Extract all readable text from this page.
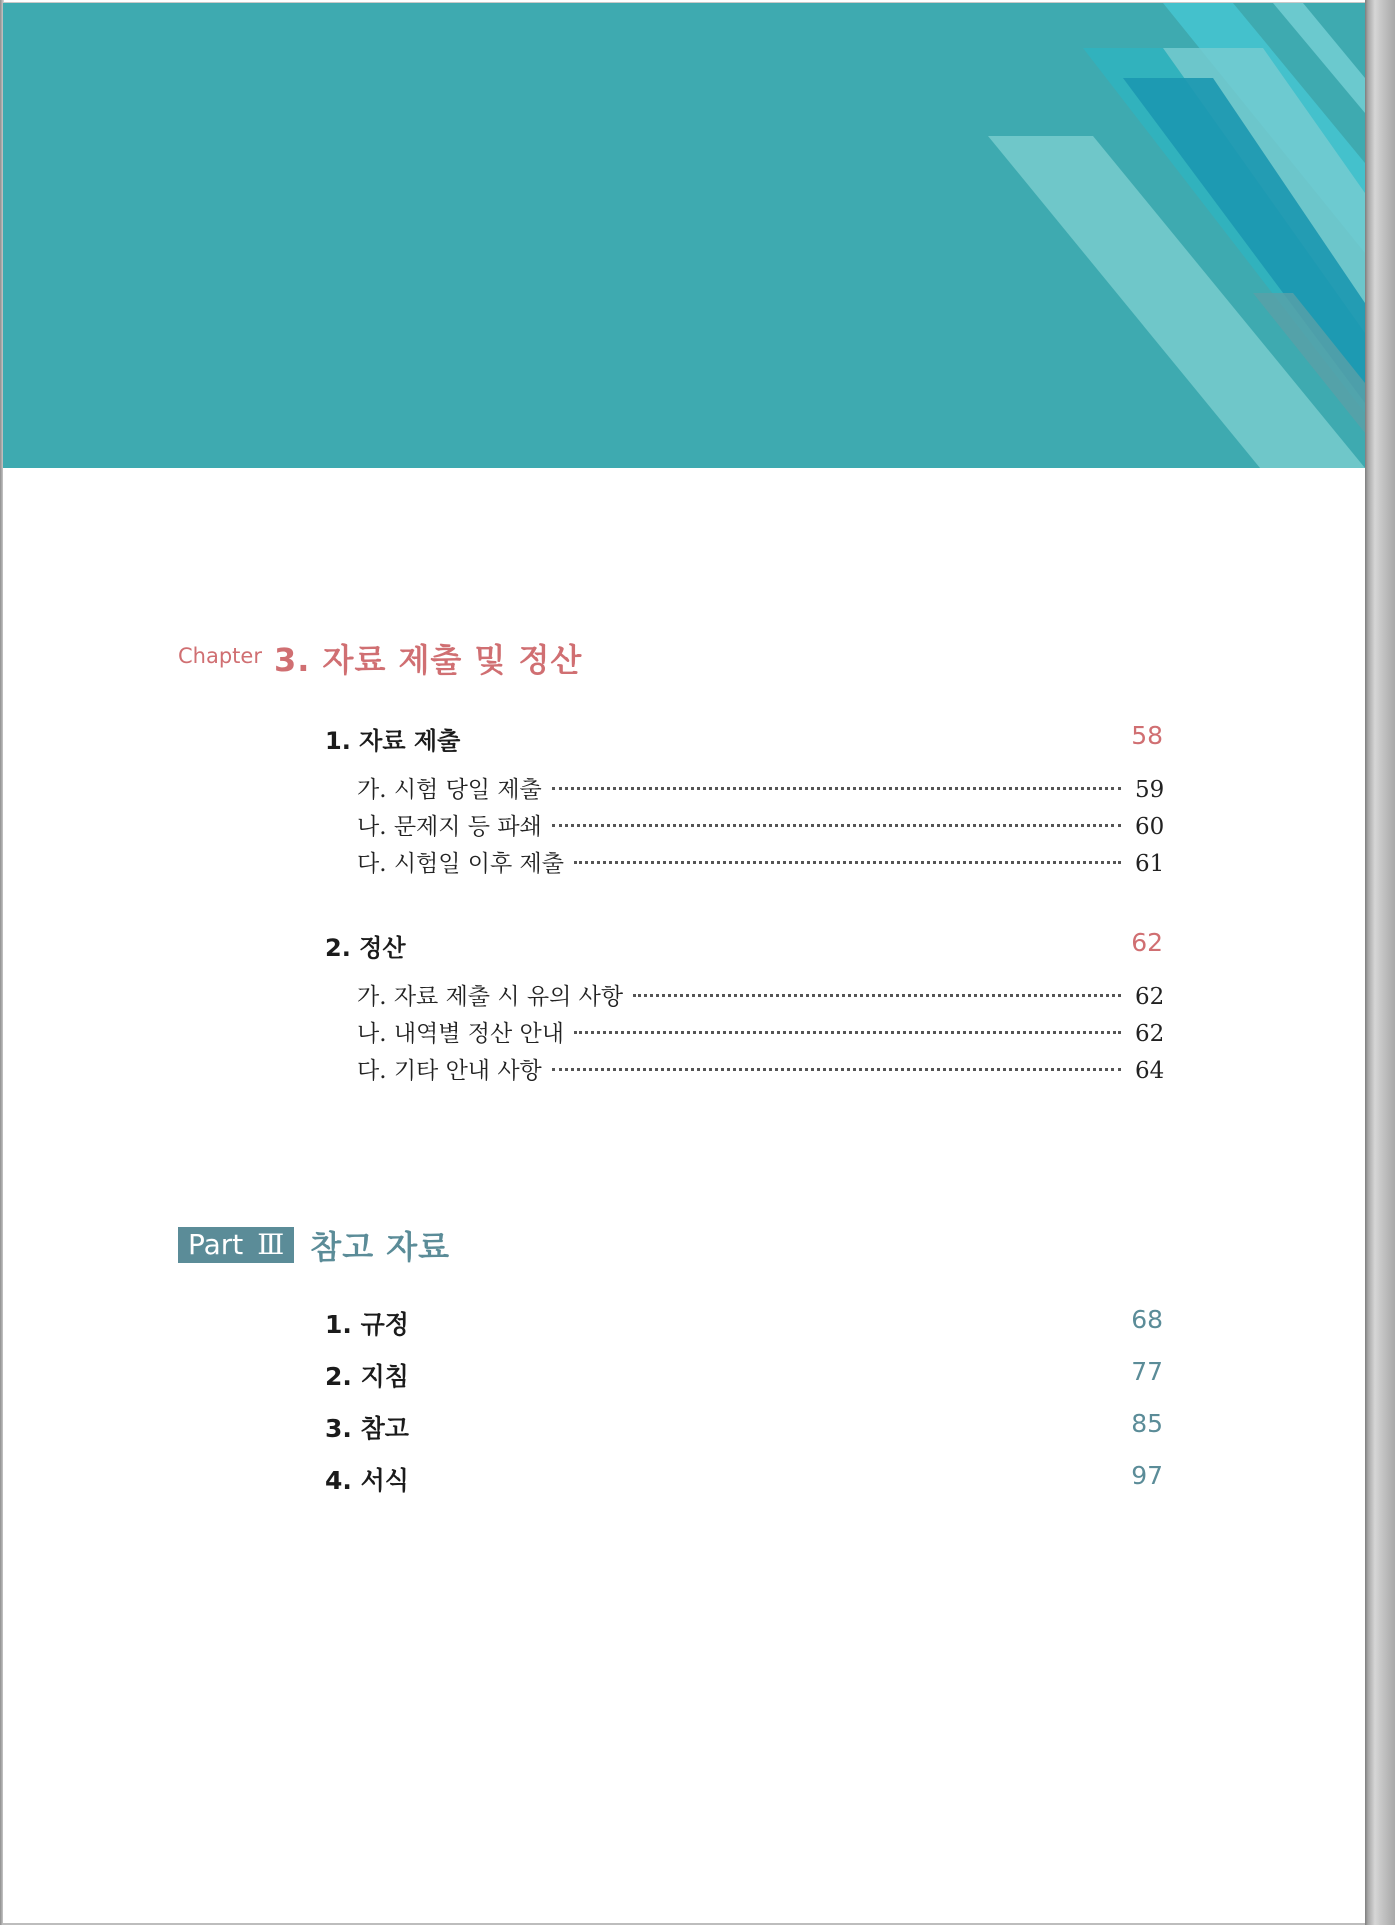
Chapter 3. 자료 제출 및 정산
1. 자료 제출	58
가. 시험 당일 제출	59
나. 문제지 등 파쇄	60
다. 시험일 이후 제출	61
2. 정산	62
가. 자료 제출 시 유의 사항	62
나. 내역별 정산 안내	62
다. 기타 안내 사항	64
Part Ⅲ 참고 자료
1. 규정	68
2. 지침	77
3. 참고	85
4. 서식	97
